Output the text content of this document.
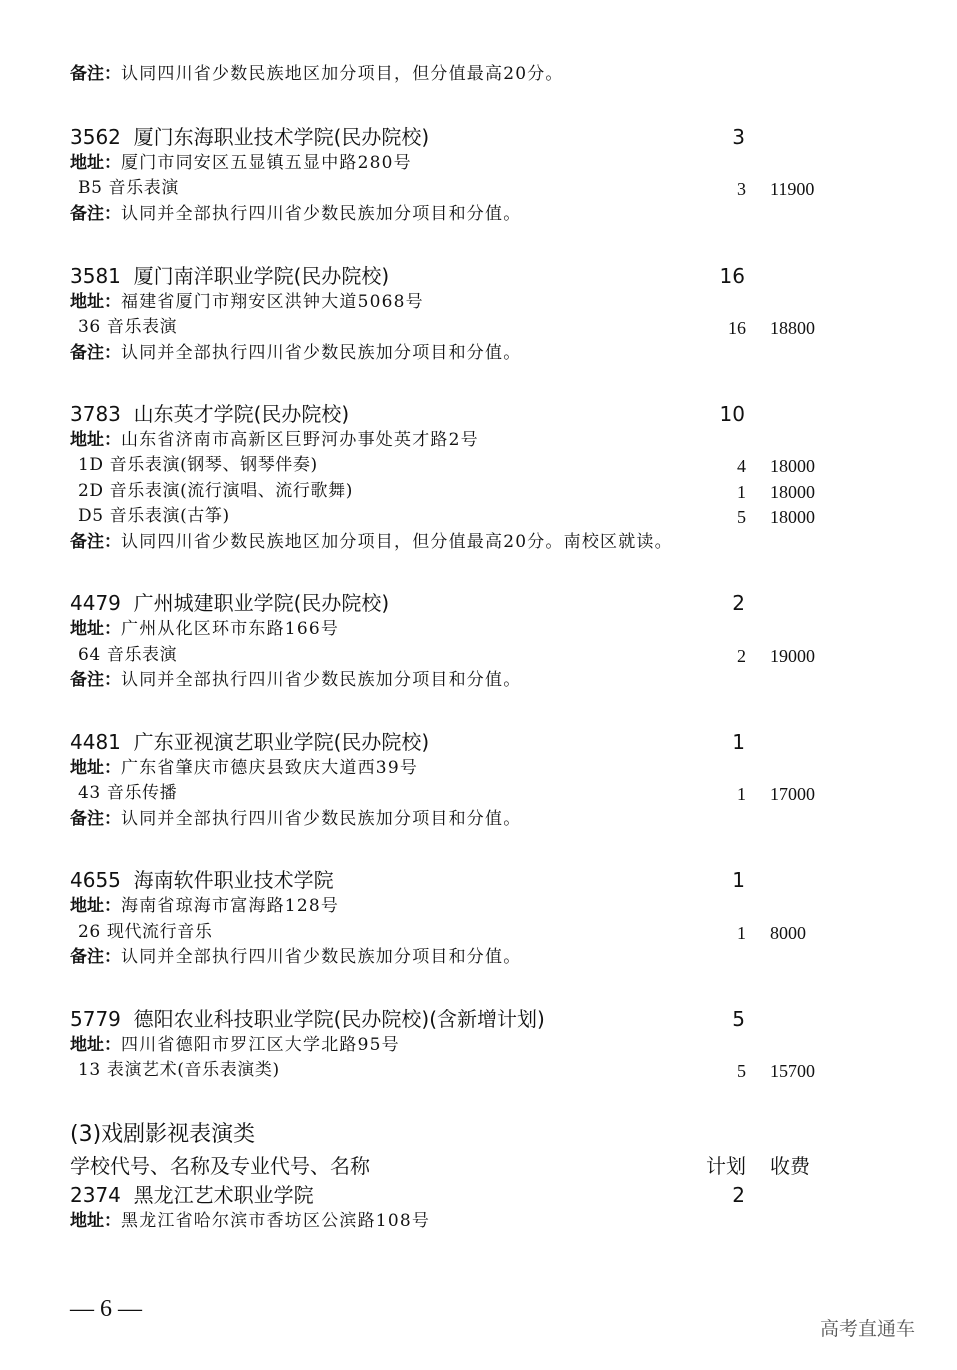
备注：认同四川省少数民族地区加分项目，但分值最高20分。
3562 厦门东海职业技术学院(民办院校)	3
地址：厦门市同安区五显镇五显中路280号
B5 音乐表演	3 11900
备注：认同并全部执行四川省少数民族加分项目和分值。
3581 厦门南洋职业学院(民办院校)	16
地址：福建省厦门市翔安区洪钟大道5068号
36 音乐表演	16 18800
备注：认同并全部执行四川省少数民族加分项目和分值。
3783 山东英才学院(民办院校)	10
地址：山东省济南市高新区巨野河办事处英才路2号
1D 音乐表演(钢琴、钢琴伴奏)	4 18000
2D 音乐表演(流行演唱、流行歌舞)	1 18000
D5 音乐表演(古筝)	5 18000
备注：认同四川省少数民族地区加分项目，但分值最高20分。南校区就读。
4479 广州城建职业学院(民办院校)	2
地址：广州从化区环市东路166号
64 音乐表演	2 19000
备注：认同并全部执行四川省少数民族加分项目和分值。
4481 广东亚视演艺职业学院(民办院校)	1
地址：广东省肇庆市德庆县致庆大道西39号
43 音乐传播	1 17000
备注：认同并全部执行四川省少数民族加分项目和分值。
4655 海南软件职业技术学院	1
地址：海南省琼海市富海路128号
26 现代流行音乐	1 8000
备注：认同并全部执行四川省少数民族加分项目和分值。
5779 德阳农业科技职业学院(民办院校)(含新增计划)	5
地址：四川省德阳市罗江区大学北路95号
13 表演艺术(音乐表演类)	5 15700
(3)戏剧影视表演类
学校代号、名称及专业代号、名称	计划 收费
2374 黑龙江艺术职业学院	2
地址：黑龙江省哈尔滨市香坊区公滨路108号
— 6 —
高考直通车
